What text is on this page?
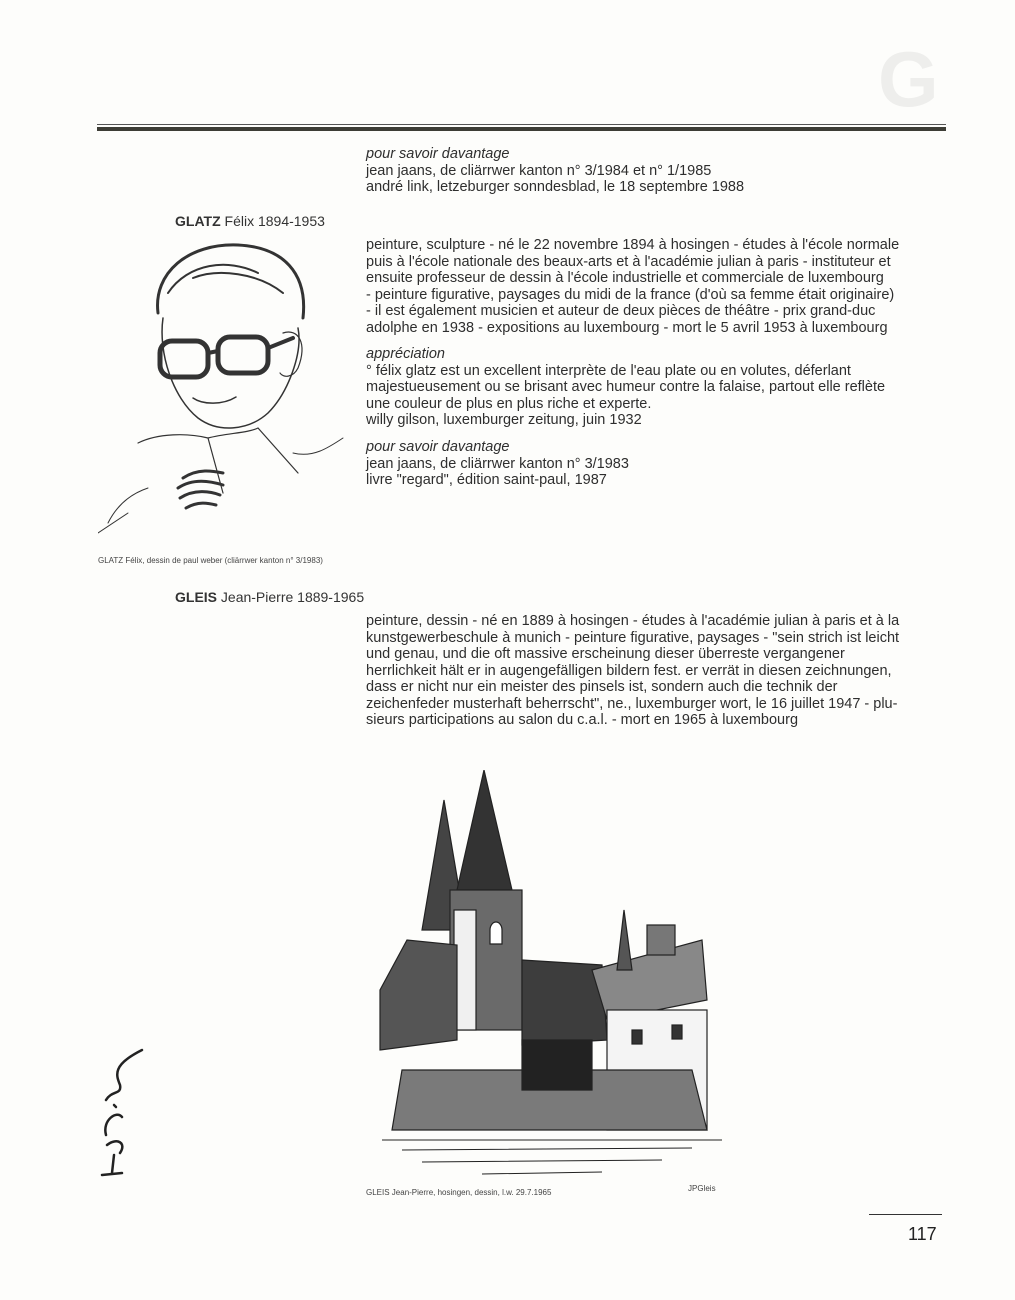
G

pour savoir davantage

jean jaans, de cliärrwer kanton n° 3/1984 et n° 1/1985

andré link, letzeburger sonndesblad, le 18 septembre 1988

GLATZ Félix 1894-1953
GLATZ Félix, dessin de paul weber (cliärrwer kanton n° 3/1983)

peinture, sculpture - né le 22 novembre 1894 à hosingen - études à l'école normale

puis à l'école nationale des beaux-arts et à l'académie julian à paris - instituteur et

ensuite professeur de dessin à l'école industrielle et commerciale de luxembourg

- peinture figurative, paysages du midi de la france (d'où sa femme était originaire)

- il est également musicien et auteur de deux pièces de théâtre - prix grand-duc

adolphe en 1938 - expositions au luxembourg - mort le 5 avril 1953 à luxembourg

appréciation

° félix glatz est un excellent interprète de l'eau plate ou en volutes, déferlant

majestueusement ou se brisant avec humeur contre la falaise, partout elle reflète

une couleur de plus en plus riche et experte.

willy gilson, luxemburger zeitung, juin 1932

pour savoir davantage

jean jaans, de cliärrwer kanton n° 3/1983

livre "regard", édition saint-paul, 1987

GLEIS Jean-Pierre 1889-1965

peinture, dessin - né en 1889 à hosingen - études à l'académie julian à paris et à la

kunstgewerbeschule à munich - peinture figurative, paysages - "sein strich ist leicht

und genau, und die oft massive erscheinung dieser überreste vergangener

herrlichkeit hält er in augengefälligen bildern fest. er verrät in diesen zeichnungen,

dass er nicht nur ein meister des pinsels ist, sondern auch die technik der

zeichenfeder musterhaft beherrscht", ne., luxemburger wort, le 16 juillet 1947 - plu-

sieurs participations au salon du c.a.l. - mort en 1965 à luxembourg

GLEIS Jean-Pierre, hosingen, dessin, l.w. 29.7.1965	JPGleis
J.P. Gleis
117
